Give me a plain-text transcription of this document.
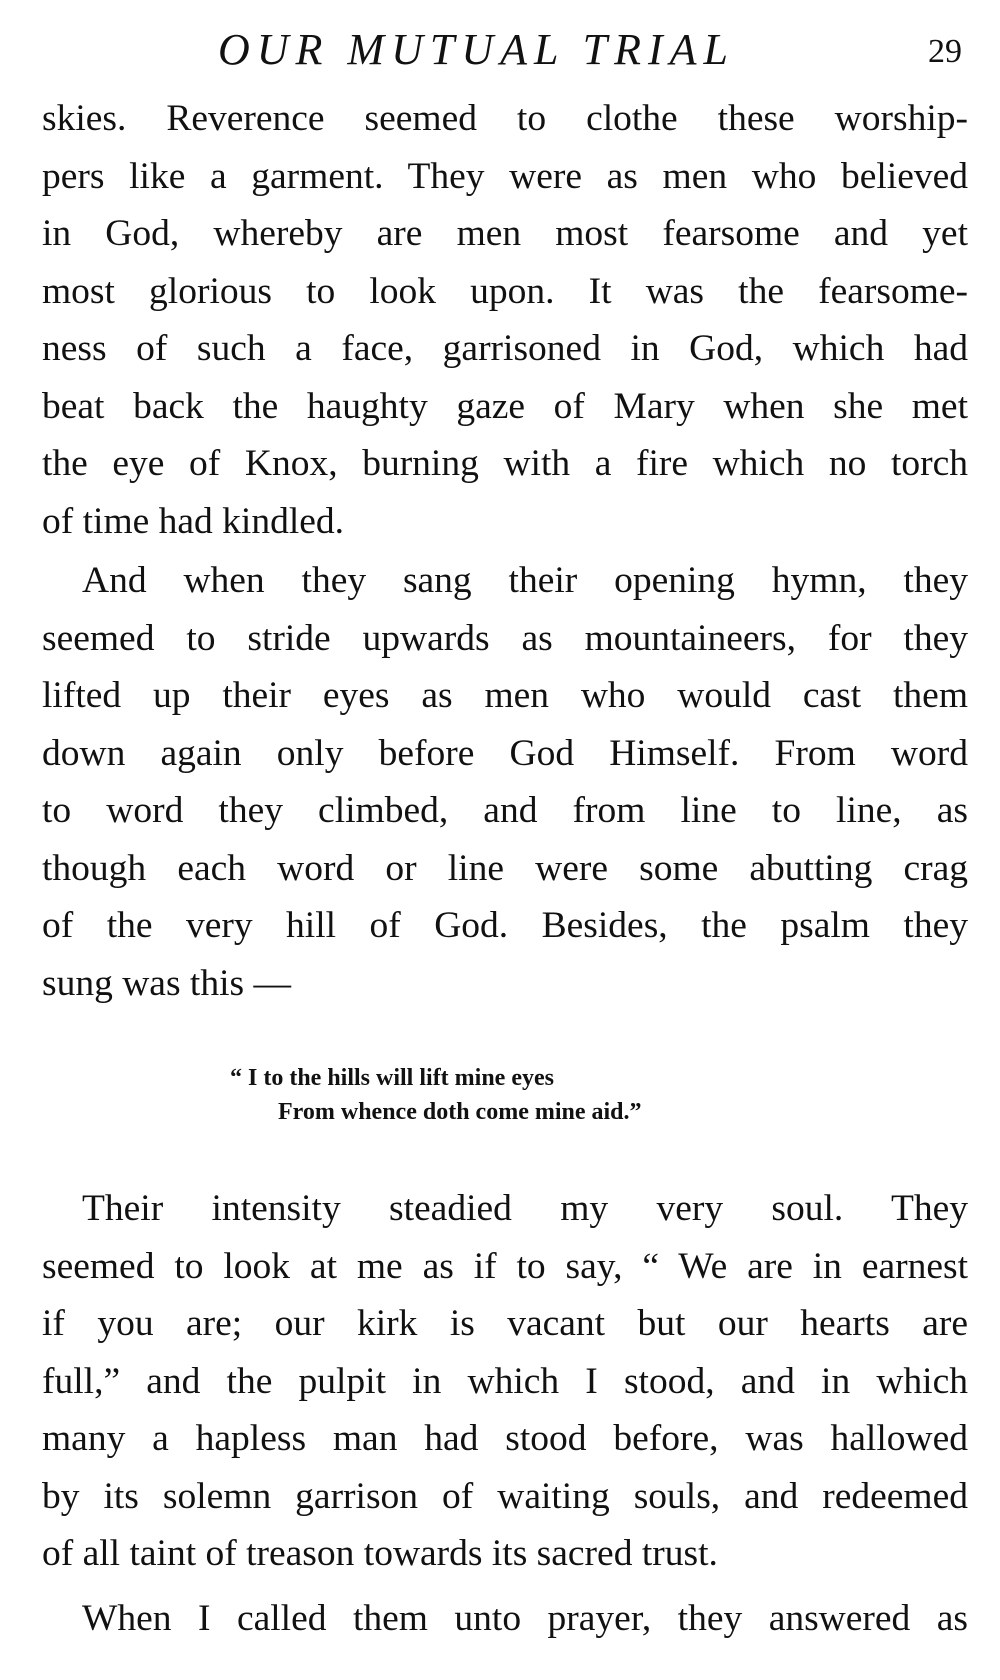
OUR MUTUAL TRIAL	29
skies. Reverence seemed to clothe these worship-
pers like a garment. They were as men who believed
in God, whereby are men most fearsome and yet
most glorious to look upon. It was the fearsome-
ness of such a face, garrisoned in God, which had
beat back the haughty gaze of Mary when she met
the eye of Knox, burning with a fire which no torch
of time had kindled.
And when they sang their opening hymn, they
seemed to stride upwards as mountaineers, for they
lifted up their eyes as men who would cast them
down again only before God Himself. From word
to word they climbed, and from line to line, as
though each word or line were some abutting crag
of the very hill of God. Besides, the psalm they
sung was this —
“ I to the hills will lift mine eyes
From whence doth come mine aid.”
Their intensity steadied my very soul. They
seemed to look at me as if to say, “ We are in earnest
if you are; our kirk is vacant but our hearts are
full,” and the pulpit in which I stood, and in which
many a hapless man had stood before, was hallowed
by its solemn garrison of waiting souls, and redeemed
of all taint of treason towards its sacred trust.
When I called them unto prayer, they answered as
